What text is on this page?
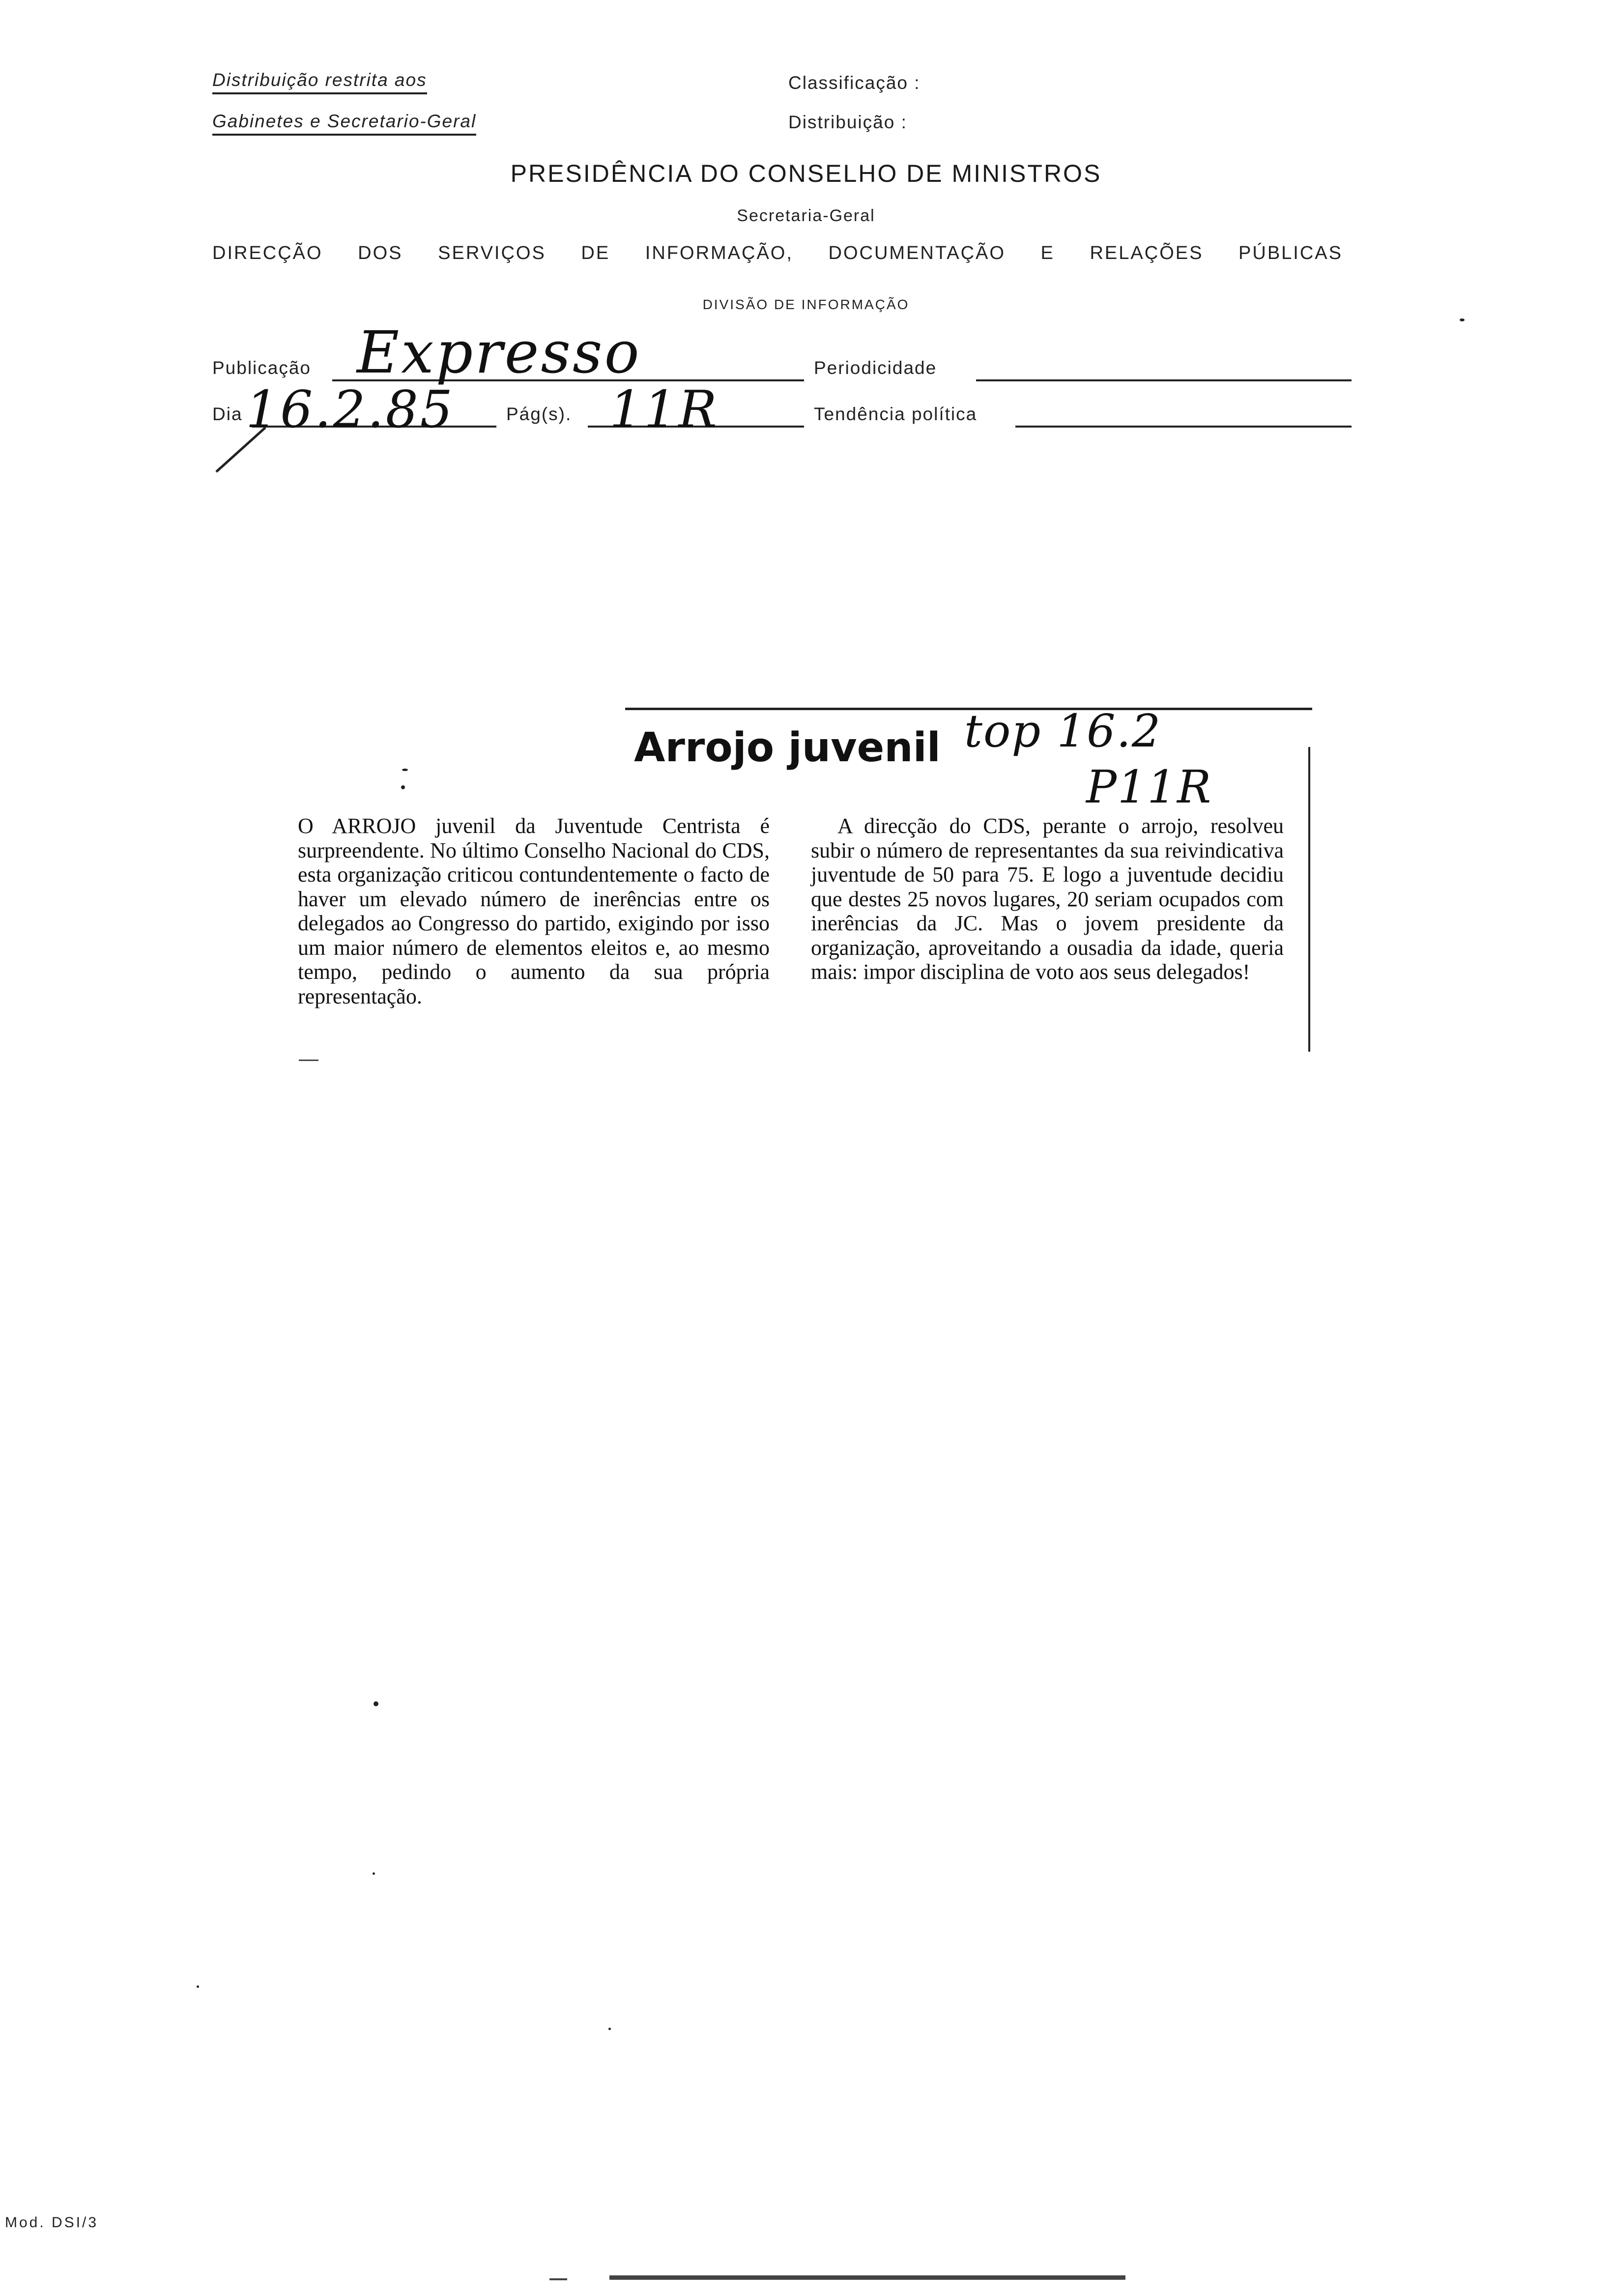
Distribuição restrita aos
Gabinetes e Secretario-Geral
Classificação :
Distribuição :
PRESIDÊNCIA DO CONSELHO DE MINISTROS
Secretaria-Geral
DIRECÇÃO DOS SERVIÇOS DE INFORMAÇÃO, DOCUMENTAÇÃO E RELAÇÕES PÚBLICAS
DIVISÃO DE INFORMAÇÃO
Publicação Expresso	Periodicidade
Dia 16.2.85	Pág(s). 11R	Tendência política
Arrojo juvenil top 16.2
P11R

O ARROJO juvenil da Juventude Centrista é surpreendente. No último Conselho Nacional do CDS, esta organização criticou contundentemente o facto de haver um elevado número de inerências entre os delegados ao Congresso do partido, exigindo por isso um maior número de elementos eleitos e, ao mesmo tempo, pedindo o aumento da sua própria representação.

A direcção do CDS, perante o arrojo, resolveu subir o número de representantes da sua reivindicativa juventude de 50 para 75. E logo a juventude decidiu que destes 25 novos lugares, 20 seriam ocupados com inerências da JC. Mas o jovem presidente da organização, aproveitando a ousadia da idade, queria mais: impor disciplina de voto aos seus delegados!

Mod. DSI/3
